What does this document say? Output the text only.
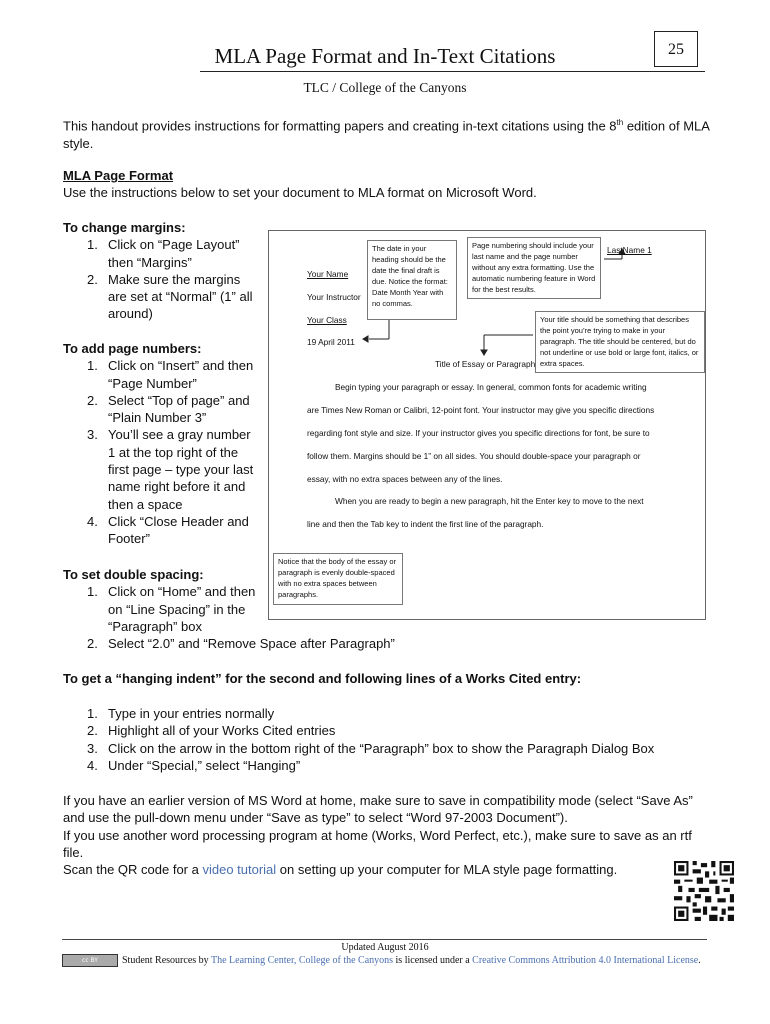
MLA Page Format and In-Text Citations	25
TLC / College of the Canyons

This handout provides instructions for formatting papers and creating in-text citations using the 8th edition of MLA style.

MLA Page Format

Use the instructions below to set your document to MLA format on Microsoft Word.

To change margins:

1. Click on “Page Layout”
then “Margins”
2. Make sure the margins
are set at “Normal” (1” all
around)

To add page numbers:

1. Click on “Insert” and then
“Page Number”
2. Select “Top of page” and
“Plain Number 3”
3. You’ll see a gray number
1 at the top right of the
first page – type your last
name right before it and
then a space
4. Click “Close Header and
Footer”

To set double spacing:

1. Click on “Home” and then
on “Line Spacing” in the
“Paragraph” box
2. Select “2.0” and “Remove Space after Paragraph”

To get a “hanging indent” for the second and following lines of a Works Cited entry:

1. Type in your entries normally
2. Highlight all of your Works Cited entries
3. Click on the arrow in the bottom right of the “Paragraph” box to show the Paragraph Dialog Box
4. Under “Special,” select “Hanging”

If you have an earlier version of MS Word at home, make sure to save in compatibility mode (select “Save As” and use the pull-down menu under “Save as type” to select “Word 97-2003 Document”).

If you use another word processing program at home (Works, Word Perfect, etc.), make sure to save as an rtf file.

Scan the QR code for a video tutorial on setting up your computer for MLA style page formatting.

Your Name
Your Instructor
Your Class
19 April 2011
LastName 1
Title of Essay or Paragraph
Begin typing your paragraph or essay. In general, common fonts for academic writing
are Times New Roman or Calibri, 12-point font. Your instructor may give you specific directions
regarding font style and size. If your instructor gives you specific directions for font, be sure to
follow them. Margins should be 1” on all sides. You should double-space your paragraph or
essay, with no extra spaces between any of the lines.
When you are ready to begin a new paragraph, hit the Enter key to move to the next
line and then the Tab key to indent the first line of the paragraph.
The date in your heading should be the date the final draft is due. Notice the format: Date Month Year with no commas.
Page numbering should include your last name and the page number without any extra formatting. Use the automatic numbering feature in Word for the best results.
Your title should be something that describes the point you’re trying to make in your paragraph. The title should be centered, but do not underline or use bold or large font, italics, or extra spaces.
Notice that the body of the essay or paragraph is evenly double-spaced with no extra spaces between paragraphs.
Updated August 2016
cc BY Student Resources by The Learning Center, College of the Canyons is licensed under a Creative Commons Attribution 4.0 International License.
